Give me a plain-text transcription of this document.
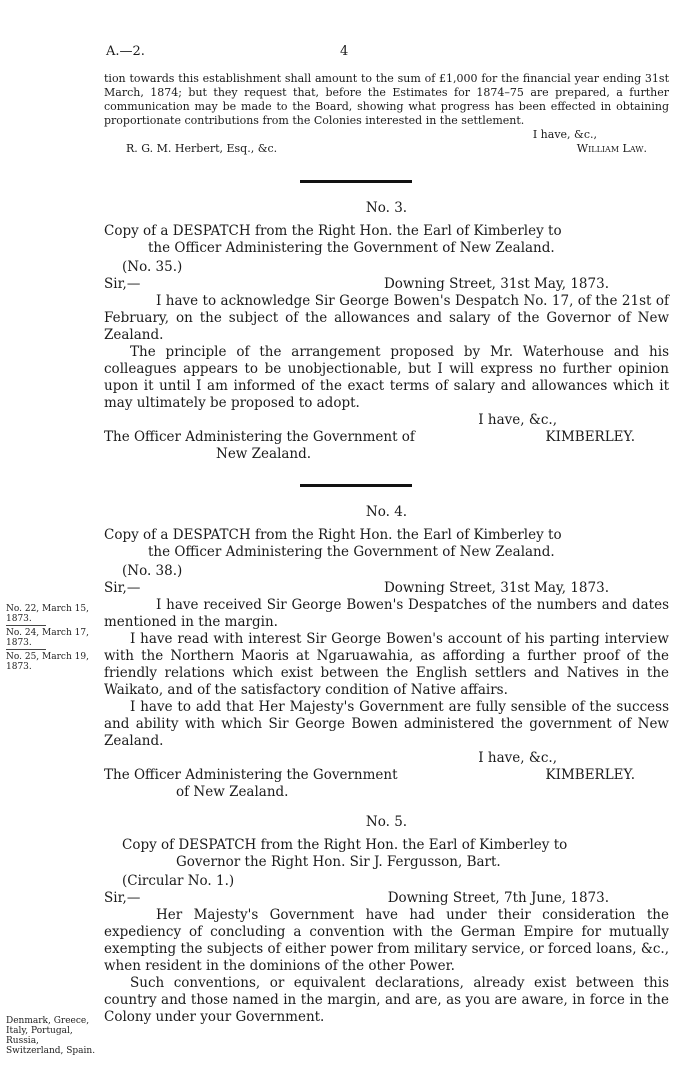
A.—2.	4

tion towards this establishment shall amount to the sum of £1,000 for the financial year ending 31st March, 1874; but they request that, before the Estimates for 1874–75 are prepared, a further communication may be made to the Board, showing what progress has been effected in obtaining proportionate contributions from the Colonies interested in the settlement.

I have, &c.,
R. G. M. Herbert, Esq., &c.	William Law.
No. 3.
Copy of a DESPATCH from the Right Hon. the Earl of Kimberley to
the Officer Administering the Government of New Zealand.
(No. 35.)
Sir,—	Downing Street, 31st May, 1873.

I have to acknowledge Sir George Bowen's Despatch No. 17, of the 21st of February, on the subject of the allowances and salary of the Governor of New Zealand.

The principle of the arrangement proposed by Mr. Waterhouse and his colleagues appears to be unobjectionable, but I will express no further opinion upon it until I am informed of the exact terms of salary and allowances which it may ultimately be proposed to adopt.

I have, &c.,
The Officer Administering the Government of	KIMBERLEY.
New Zealand.
No. 4.
Copy of a DESPATCH from the Right Hon. the Earl of Kimberley to
the Officer Administering the Government of New Zealand.
(No. 38.)
Sir,—	Downing Street, 31st May, 1873.

I have received Sir George Bowen's Despatches of the numbers and dates mentioned in the margin.

I have read with interest Sir George Bowen's account of his parting interview with the Northern Maoris at Ngaruawahia, as affording a further proof of the friendly relations which exist between the English settlers and Natives in the Waikato, and of the satisfactory condition of Native affairs.

I have to add that Her Majesty's Government are fully sensible of the success and ability with which Sir George Bowen administered the government of New Zealand.

I have, &c.,
The Officer Administering the Government	KIMBERLEY.
of New Zealand.
No. 22, March 15, 1873.
No. 24, March 17, 1873.
No. 25, March 19, 1873.
No. 5.
Copy of DESPATCH from the Right Hon. the Earl of Kimberley to
Governor the Right Hon. Sir J. Fergusson, Bart.
(Circular No. 1.)
Sir,—	Downing Street, 7th June, 1873.

Her Majesty's Government have had under their consideration the expediency of concluding a convention with the German Empire for mutually exempting the subjects of either power from military service, or forced loans, &c., when resident in the dominions of the other Power.

Such conventions, or equivalent declarations, already exist between this country and those named in the margin, and are, as you are aware, in force in the Colony under your Government.

Denmark, Greece, Italy, Portugal, Russia, Switzerland, Spain.
